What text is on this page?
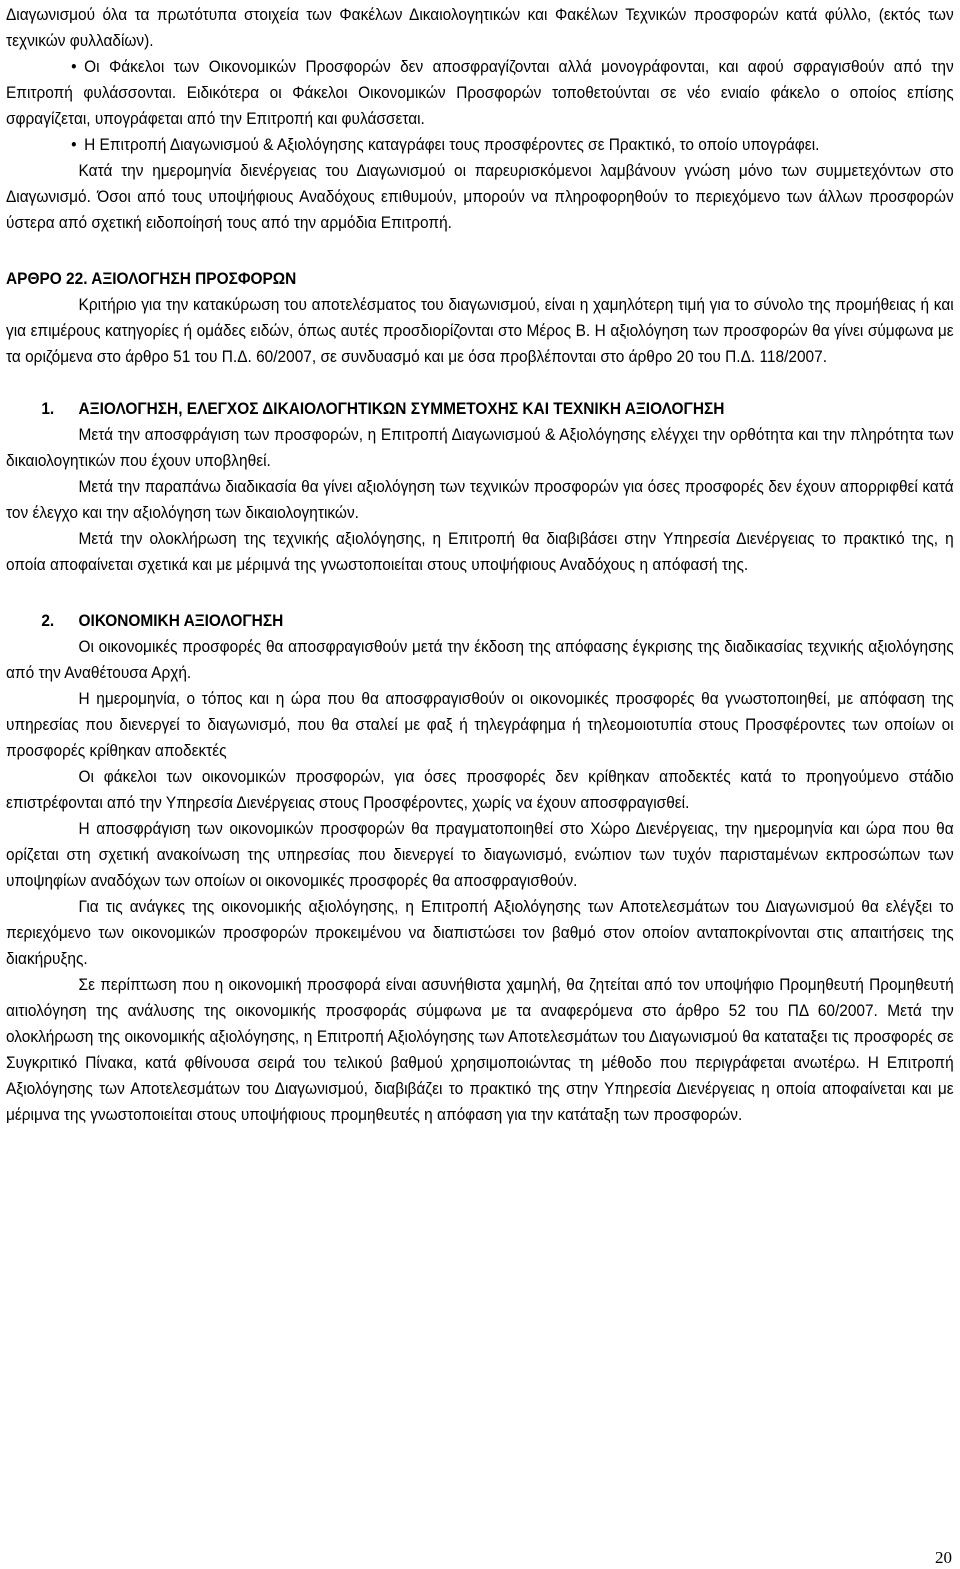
Διαγωνισμού όλα τα πρωτότυπα στοιχεία των Φακέλων Δικαιολογητικών και Φακέλων Τεχνικών προσφορών κατά φύλλο, (εκτός των τεχνικών φυλλαδίων).

• Οι Φάκελοι των Οικονομικών Προσφορών δεν αποσφραγίζονται αλλά μονογράφονται, και αφού σφραγισθούν από την Επιτροπή φυλάσσονται. Ειδικότερα οι Φάκελοι Οικονομικών Προσφορών τοποθετούνται σε νέο ενιαίο φάκελο ο οποίος επίσης σφραγίζεται, υπογράφεται από την Επιτροπή και φυλάσσεται.

• Η Επιτροπή Διαγωνισμού & Αξιολόγησης καταγράφει τους προσφέροντες σε Πρακτικό, το οποίο υπογράφει.

Κατά την ημερομηνία διενέργειας του Διαγωνισμού οι παρευρισκόμενοι λαμβάνουν γνώση μόνο των συμμετεχόντων στο Διαγωνισμό. Όσοι από τους υποψήφιους Αναδόχους επιθυμούν, μπορούν να πληροφορηθούν το περιεχόμενο των άλλων προσφορών ύστερα από σχετική ειδοποίησή τους από την αρμόδια Επιτροπή.

ΑΡΘΡΟ 22. ΑΞΙΟΛΟΓΗΣΗ ΠΡΟΣΦΟΡΩΝ

Κριτήριο για την κατακύρωση του αποτελέσματος του διαγωνισμού, είναι η χαμηλότερη τιμή για το σύνολο της προμήθειας ή και για επιμέρους κατηγορίες ή ομάδες ειδών, όπως αυτές προσδιορίζονται στο Μέρος Β. Η αξιολόγηση των προσφορών θα γίνει σύμφωνα με τα οριζόμενα στο άρθρο 51 του Π.Δ. 60/2007, σε συνδυασμό και με όσα προβλέπονται στο άρθρο 20 του Π.Δ. 118/2007.

1. ΑΞΙΟΛΟΓΗΣΗ, ΕΛΕΓΧΟΣ ΔΙΚΑΙΟΛΟΓΗΤΙΚΩΝ ΣΥΜΜΕΤΟΧΗΣ ΚΑΙ ΤΕΧΝΙΚΗ ΑΞΙΟΛΟΓΗΣΗ

Μετά την αποσφράγιση των προσφορών, η Επιτροπή Διαγωνισμού & Αξιολόγησης ελέγχει την ορθότητα και την πληρότητα των δικαιολογητικών που έχουν υποβληθεί.

Μετά την παραπάνω διαδικασία θα γίνει αξιολόγηση των τεχνικών προσφορών για όσες προσφορές δεν έχουν απορριφθεί κατά τον έλεγχο και την αξιολόγηση των δικαιολογητικών.

Μετά την ολοκλήρωση της τεχνικής αξιολόγησης, η Επιτροπή θα διαβιβάσει στην Υπηρεσία Διενέργειας το πρακτικό της, η οποία αποφαίνεται σχετικά και με μέριμνά της γνωστοποιείται στους υποψήφιους Αναδόχους η απόφασή της.

2. ΟΙΚΟΝΟΜΙΚΗ ΑΞΙΟΛΟΓΗΣΗ

Οι οικονομικές προσφορές θα αποσφραγισθούν μετά την έκδοση της απόφασης έγκρισης της διαδικασίας τεχνικής αξιολόγησης από την Αναθέτουσα Αρχή.

Η ημερομηνία, ο τόπος και η ώρα που θα αποσφραγισθούν οι οικονομικές προσφορές θα γνωστοποιηθεί, με απόφαση της υπηρεσίας που διενεργεί το διαγωνισμό, που θα σταλεί με φαξ ή τηλεγράφημα ή τηλεομοιοτυπία στους Προσφέροντες των οποίων οι προσφορές κρίθηκαν αποδεκτές

Οι φάκελοι των οικονομικών προσφορών, για όσες προσφορές δεν κρίθηκαν αποδεκτές κατά το προηγούμενο στάδιο επιστρέφονται από την Υπηρεσία Διενέργειας στους Προσφέροντες, χωρίς να έχουν αποσφραγισθεί.

Η αποσφράγιση των οικονομικών προσφορών θα πραγματοποιηθεί στο Χώρο Διενέργειας, την ημερομηνία και ώρα που θα ορίζεται στη σχετική ανακοίνωση της υπηρεσίας που διενεργεί το διαγωνισμό, ενώπιον των τυχόν παρισταμένων εκπροσώπων των υποψηφίων αναδόχων των οποίων οι οικονομικές προσφορές θα αποσφραγισθούν.

Για τις ανάγκες της οικονομικής αξιολόγησης, η Επιτροπή Αξιολόγησης των Αποτελεσμάτων του Διαγωνισμού θα ελέγξει το περιεχόμενο των οικονομικών προσφορών προκειμένου να διαπιστώσει τον βαθμό στον οποίον ανταποκρίνονται στις απαιτήσεις της διακήρυξης.

Σε περίπτωση που η οικονομική προσφορά είναι ασυνήθιστα χαμηλή, θα ζητείται από τον υποψήφιο Προμηθευτή Προμηθευτή αιτιολόγηση της ανάλυσης της οικονομικής προσφοράς σύμφωνα με τα αναφερόμενα στο άρθρο 52 του ΠΔ 60/2007. Μετά την ολοκλήρωση της οικονομικής αξιολόγησης, η Επιτροπή Αξιολόγησης των Αποτελεσμάτων του Διαγωνισμού θα καταταξει τις προσφορές σε Συγκριτικό Πίνακα, κατά φθίνουσα σειρά του τελικού βαθμού χρησιμοποιώντας τη μέθοδο που περιγράφεται ανωτέρω. Η Επιτροπή Αξιολόγησης των Αποτελεσμάτων του Διαγωνισμού, διαβιβάζει το πρακτικό της στην Υπηρεσία Διενέργειας η οποία αποφαίνεται και με μέριμνα της γνωστοποιείται στους υποψήφιους προμηθευτές η απόφαση για την κατάταξη των προσφορών.

20
